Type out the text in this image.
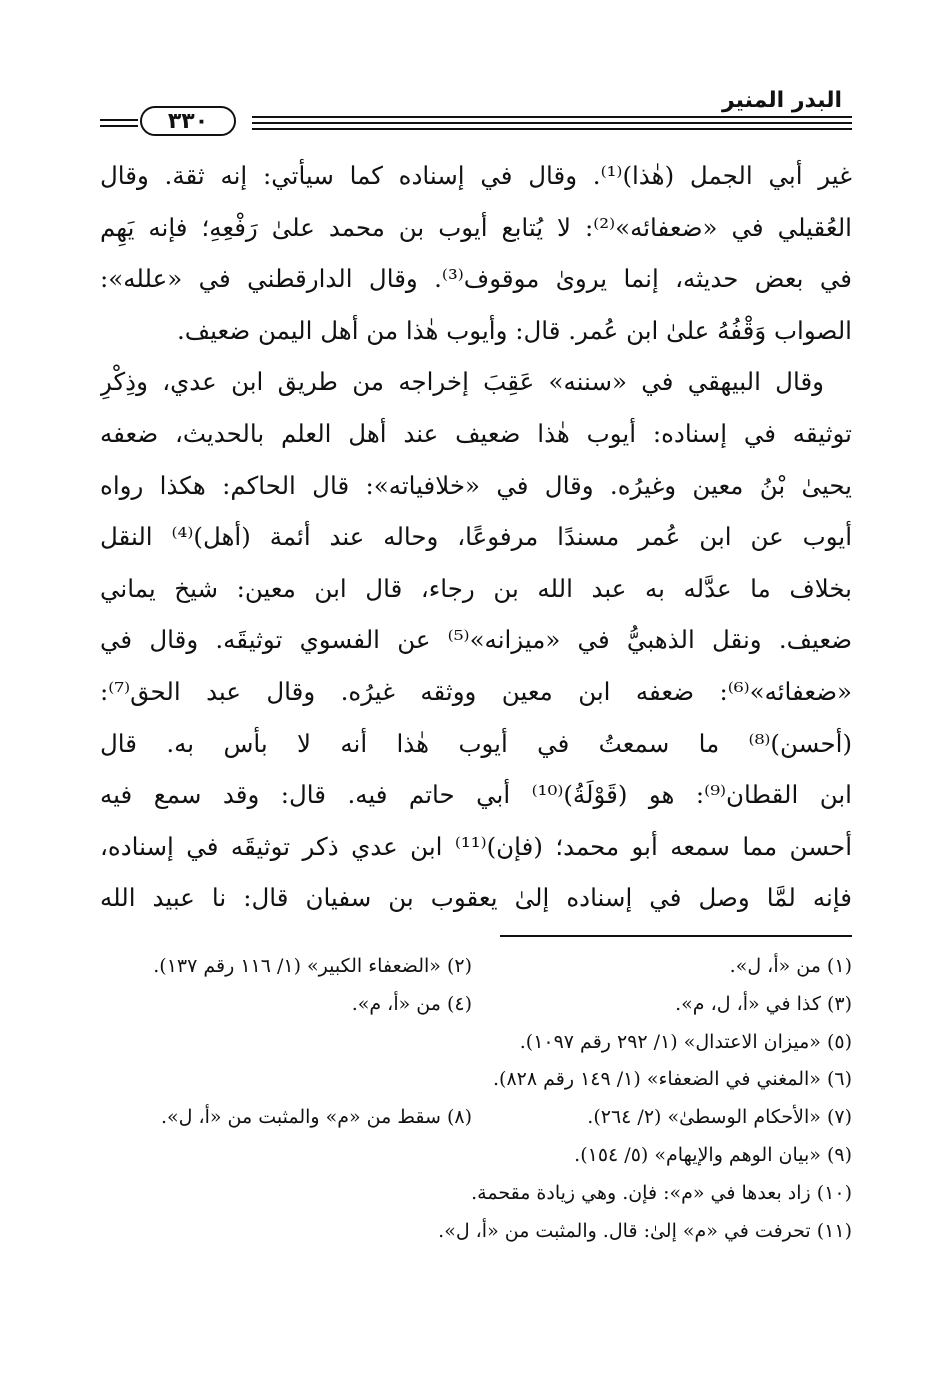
البدر المنير
٣٣٠
غير أبي الجمل (هٰذا)⁽¹⁾. وقال في إسناده كما سيأتي: إنه ثقة. وقال
العُقيلي في «ضعفائه»⁽²⁾: لا يُتابع أيوب بن محمد علىٰ رَفْعِهِ؛ فإنه يَهِم
في بعض حديثه، إنما يروىٰ موقوف⁽³⁾. وقال الدارقطني في «علله»:
الصواب وَقْفُهُ علىٰ ابن عُمر. قال: وأيوب هٰذا من أهل اليمن ضعيف.
وقال البيهقي في «سننه» عَقِبَ إخراجه من طريق ابن عدي، وذِكْرِ
توثيقه في إسناده: أيوب هٰذا ضعيف عند أهل العلم بالحديث، ضعفه
يحيىٰ بْنُ معين وغيرُه. وقال في «خلافياته»: قال الحاكم: هكذا رواه
أيوب عن ابن عُمر مسندًا مرفوعًا، وحاله عند أئمة (أهل)⁽⁴⁾ النقل
بخلاف ما عدَّله به عبد الله بن رجاء، قال ابن معين: شيخ يماني
ضعيف. ونقل الذهبيُّ في «ميزانه»⁽⁵⁾ عن الفسوي توثيقَه. وقال في
«ضعفائه»⁽⁶⁾: ضعفه ابن معين ووثقه غيرُه. وقال عبد الحق⁽⁷⁾:
(أحسن)⁽⁸⁾ ما سمعتُ في أيوب هٰذا أنه لا بأس به. قال
ابن القطان⁽⁹⁾: هو (قَوْلَةُ)⁽¹⁰⁾ أبي حاتم فيه. قال: وقد سمع فيه
أحسن مما سمعه أبو محمد؛ (فإن)⁽¹¹⁾ ابن عدي ذكر توثيقَه في إسناده،
فإنه لمَّا وصل في إسناده إلىٰ يعقوب بن سفيان قال: نا عبيد الله
(١) من «أ، ل».
(٢) «الضعفاء الكبير» (١/ ١١٦ رقم ١٣٧).
(٣) كذا في «أ، ل، م».
(٤) من «أ، م».
(٥) «ميزان الاعتدال» (١/ ٢٩٢ رقم ١٠٩٧).
(٦) «المغني في الضعفاء» (١/ ١٤٩ رقم ٨٢٨).
(٧) «الأحكام الوسطىٰ» (٢/ ٢٦٤).
(٨) سقط من «م» والمثبت من «أ، ل».
(٩) «بيان الوهم والإيهام» (٥/ ١٥٤).
(١٠) زاد بعدها في «م»: فإن. وهي زيادة مقحمة.
(١١) تحرفت في «م» إلىٰ: قال. والمثبت من «أ، ل».
